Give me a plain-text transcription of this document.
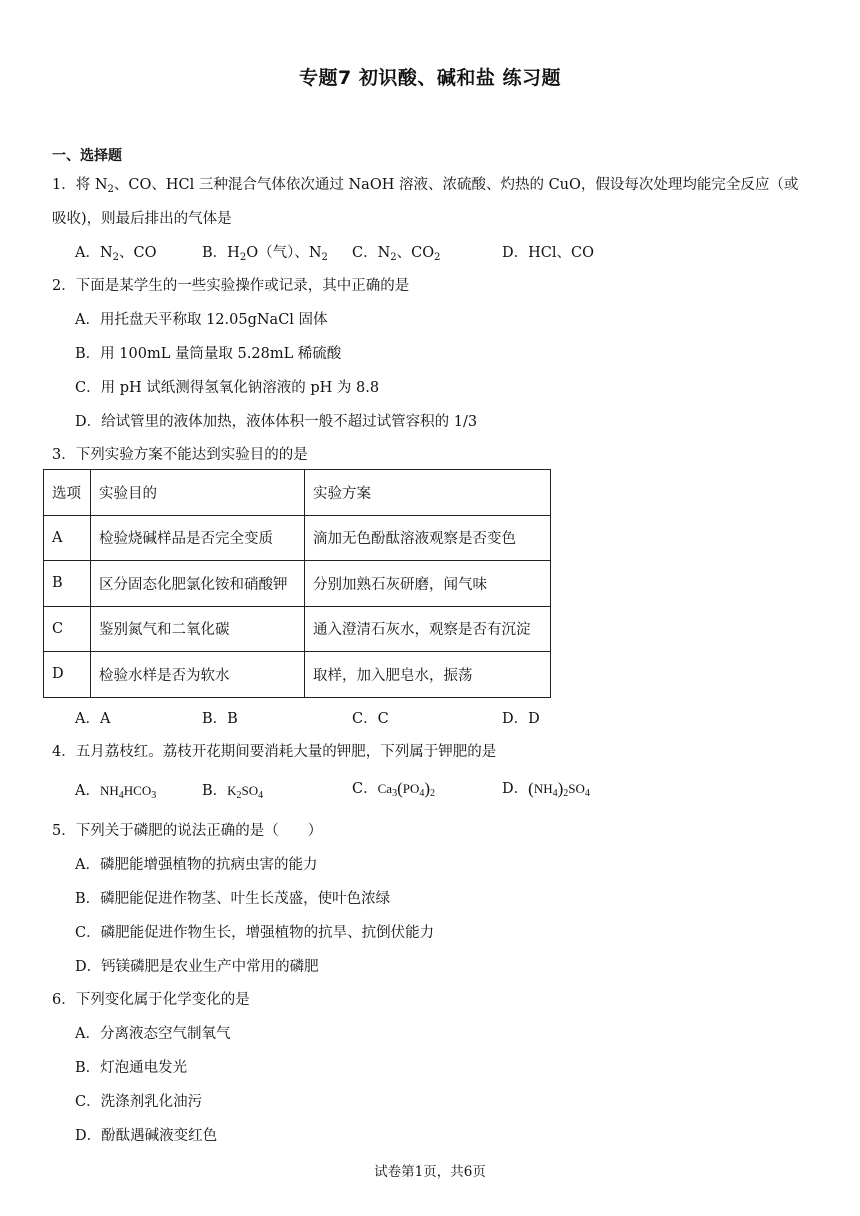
专题7 初识酸、碱和盐 练习题
一、选择题
1．将 $N_2$、CO、HCl 三种混合气体依次通过 NaOH 溶液、浓硫酸、灼热的 CuO，假设每次处理均能完全反应（或
吸收)，则最后排出的气体是
A．$N_2$、CO	B．$H_2O$（气）、$N_2$ C．$N_2$、$CO_2$	D．HCl、CO
2．下面是某学生的一些实验操作或记录，其中正确的是
A．用托盘天平称取 12.05gNaCl 固体
B．用 100mL 量筒量取 5.28mL 稀硫酸
C．用 pH 试纸测得氢氧化钠溶液的 pH 为 8.8
D．给试管里的液体加热，液体体积一般不超过试管容积的 1/3
3．下列实验方案不能达到实验目的的是
选项	实验目的	实验方案
A	检验烧碱样品是否完全变质	滴加无色酚酞溶液观察是否变色
B	区分固态化肥氯化铵和硝酸钾	分别加熟石灰研磨，闻气味
C	鉴别氮气和二氧化碳	通入澄清石灰水，观察是否有沉淀
D	检验水样是否为软水	取样，加入肥皂水，振荡
A．A	B．B	C．C	D．D
4．五月荔枝红。荔枝开花期间要消耗大量的钾肥，下列属于钾肥的是
A．$NH_4HCO_3$	B．$K_2SO_4$	C．$Ca_3(PO_4)_2$	D．$(NH_4)_2SO_4$
5．下列关于磷肥的说法正确的是（　　）
A．磷肥能增强植物的抗病虫害的能力
B．磷肥能促进作物茎、叶生长茂盛，使叶色浓绿
C．磷肥能促进作物生长，增强植物的抗旱、抗倒伏能力
D．钙镁磷肥是农业生产中常用的磷肥
6．下列变化属于化学变化的是
A．分离液态空气制氧气
B．灯泡通电发光
C．洗涤剂乳化油污
D．酚酞遇碱液变红色
试卷第1页，共6页
